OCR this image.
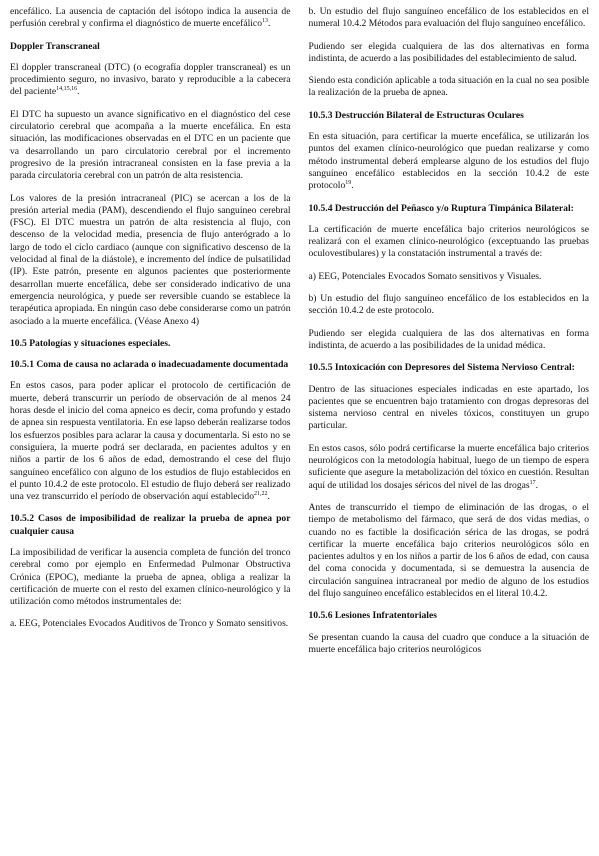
encefálico. La ausencia de captación del isótopo indica la ausencia de perfusión cerebral y confirma el diagnóstico de muerte encefálico$^{13}$.

Doppler Transcraneal

El doppler transcraneal (DTC) (o ecografía doppler transcraneal) es un procedimiento seguro, no invasivo, barato y reproducible a la cabecera del paciente$^{14,15,16}$.

El DTC ha supuesto un avance significativo en el diagnóstico del cese circulatorio cerebral que acompaña a la muerte encefálica. En esta situación, las modificaciones observadas en el DTC en un paciente que va desarrollando un paro circulatorio cerebral por el incremento progresivo de la presión intracraneal consisten en la fase previa a la parada circulatoria cerebral con un patrón de alta resistencia.

Los valores de la presión intracraneal (PIC) se acercan a los de la presión arterial media (PAM), descendiendo el flujo sanguíneo cerebral (FSC). El DTC muestra un patrón de alta resistencia al flujo, con descenso de la velocidad media, presencia de flujo anterógrado a lo largo de todo el ciclo cardiaco (aunque con significativo descenso de la velocidad al final de la diástole), e incremento del índice de pulsatilidad (IP). Este patrón, presente en algunos pacientes que posteriormente desarrollan muerte encefálica, debe ser considerado indicativo de una emergencia neurológica, y puede ser reversible cuando se establece la terapéutica apropiada. En ningún caso debe considerarse como un patrón asociado a la muerte encefálica. (Véase Anexo 4)

10.5 Patologías y situaciones especiales.
10.5.1 Coma de causa no aclarada o inadecuadamente documentada

En estos casos, para poder aplicar el protocolo de certificación de muerte, deberá transcurrir un período de observación de al menos 24 horas desde el inicio del coma apneico es decir, coma profundo y estado de apnea sin respuesta ventilatoria. En ese lapso deberán realizarse todos los esfuerzos posibles para aclarar la causa y documentarla. Si esto no se consiguiera, la muerte podrá ser declarada, en pacientes adultos y en niños a partir de los 6 años de edad, demostrando el cese del flujo sanguíneo encefálico con alguno de los estudios de flujo establecidos en el punto 10.4.2 de este protocolo. El estudio de flujo deberá ser realizado una vez transcurrido el período de observación aquí establecido$^{21,22}$.

10.5.2 Casos de imposibilidad de realizar la prueba de apnea por cualquier causa

La imposibilidad de verificar la ausencia completa de función del tronco cerebral como por ejemplo en Enfermedad Pulmonar Obstructiva Crónica (EPOC), mediante la prueba de apnea, obliga a realizar la certificación de muerte con el resto del examen clínico-neurológico y la utilización como métodos instrumentales de:

a. EEG, Potenciales Evocados Auditivos de Tronco y Somato sensitivos.

b. Un estudio del flujo sanguíneo encefálico de los establecidos en el numeral 10.4.2 Métodos para evaluación del flujo sanguíneo encefálico.

Pudiendo ser elegida cualquiera de las dos alternativas en forma indistinta, de acuerdo a las posibilidades del establecimiento de salud.

Siendo esta condición aplicable a toda situación en la cual no sea posible la realización de la prueba de apnea.

10.5.3 Destrucción Bilateral de Estructuras Oculares

En esta situación, para certificar la muerte encefálica, se utilizarán los puntos del examen clínico-neurológico que puedan realizarse y como método instrumental deberá emplearse alguno de los estudios del flujo sanguíneo encefálico establecidos en la sección 10.4.2 de este protocolo$^{19}$.

10.5.4 Destrucción del Peñasco y/o Ruptura Timpánica Bilateral:

La certificación de muerte encefálica bajo criterios neurológicos se realizará con el examen clínico-neurológico (exceptuando las pruebas oculovestibulares) y la constatación instrumental a través de:

a) EEG, Potenciales Evocados Somato sensitivos y Visuales.

b) Un estudio del flujo sanguíneo encefálico de los establecidos en la sección 10.4.2 de este protocolo.

Pudiendo ser elegida cualquiera de las dos alternativas en forma indistinta, de acuerdo a las posibilidades de la unidad médica.

10.5.5 Intoxicación con Depresores del Sistema Nervioso Central:

Dentro de las situaciones especiales indicadas en este apartado, los pacientes que se encuentren bajo tratamiento con drogas depresoras del sistema nervioso central en niveles tóxicos, constituyen un grupo particular.

En estos casos, sólo podrá certificarse la muerte encefálica bajo criterios neurológicos con la metodología habitual, luego de un tiempo de espera suficiente que asegure la metabolización del tóxico en cuestión. Resultan aquí de utilidad los dosajes séricos del nivel de las drogas$^{17}$.

Antes de transcurrido el tiempo de eliminación de las drogas, o el tiempo de metabolismo del fármaco, que será de dos vidas medias, o cuando no es factible la dosificación sérica de las drogas, se podrá certificar la muerte encefálica bajo criterios neurológicos sólo en pacientes adultos y en los niños a partir de los 6 años de edad, con causa del coma conocida y documentada, si se demuestra la ausencia de circulación sanguínea intracraneal por medio de alguno de los estudios del flujo sanguíneo encefálico establecidos en el literal 10.4.2.

10.5.6 Lesiones Infratentoriales

Se presentan cuando la causa del cuadro que conduce a la situación de muerte encefálica bajo criterios neurológicos
